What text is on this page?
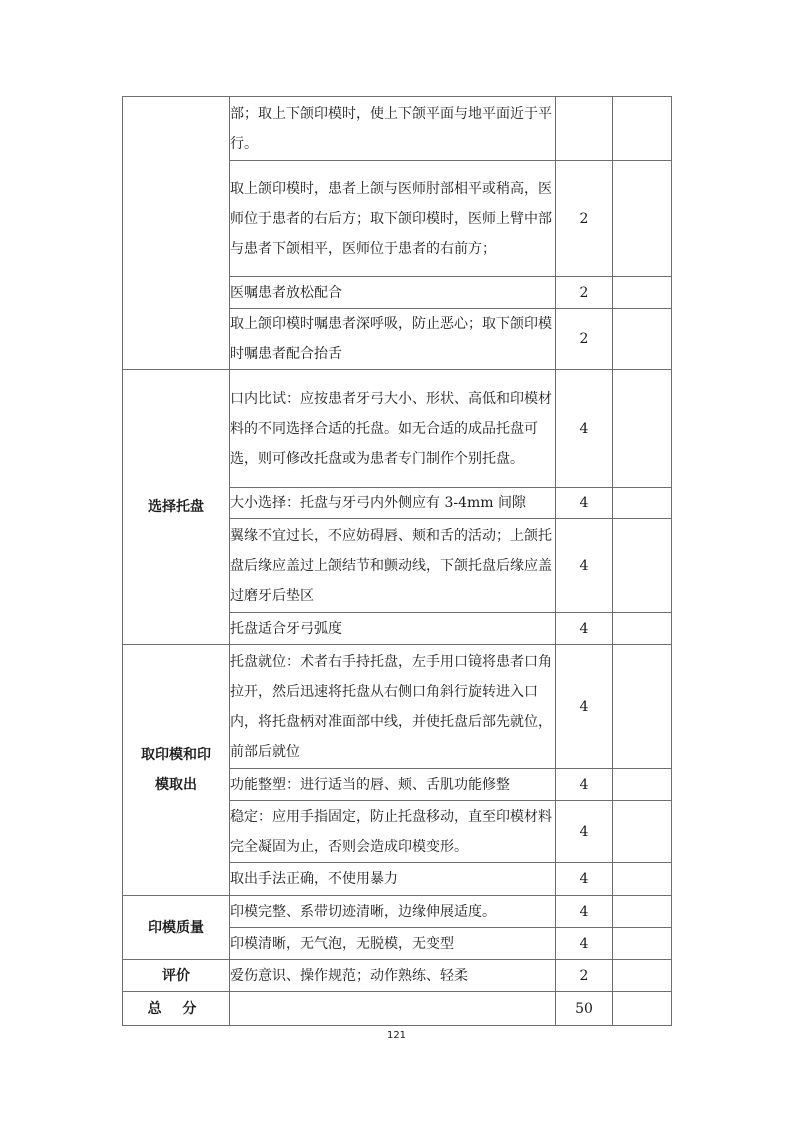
	部；取上下颌印模时，使上下颌平面与地平面近于平行。		
	取上颌印模时，患者上颌与医师肘部相平或稍高，医师位于患者的右后方；取下颌印模时，医师上臂中部与患者下颌相平，医师位于患者的右前方；	2	
	医嘱患者放松配合	2	
	取上颌印模时嘱患者深呼吸，防止恶心；取下颌印模时嘱患者配合抬舌	2	
选择托盘	口内比试：应按患者牙弓大小、形状、高低和印模材料的不同选择合适的托盘。如无合适的成品托盘可选，则可修改托盘或为患者专门制作个别托盘。	4	
	大小选择：托盘与牙弓内外侧应有 3-4mm 间隙	4	
	翼缘不宜过长，不应妨碍唇、颊和舌的活动；上颌托盘后缘应盖过上颌结节和颤动线，下颌托盘后缘应盖过磨牙后垫区	4	
	托盘适合牙弓弧度	4	

取印模和印
模取出	托盘就位：术者右手持托盘，左手用口镜将患者口角拉开，然后迅速将托盘从右侧口角斜行旋转进入口内，将托盘柄对准面部中线，并使托盘后部先就位，前部后就位	4	
	功能整塑：进行适当的唇、颊、舌肌功能修整	4	
	稳定：应用手指固定，防止托盘移动，直至印模材料完全凝固为止，否则会造成印模变形。	4	
	取出手法正确，不使用暴力	4	
印模质量	印模完整、系带切迹清晰，边缘伸展适度。	4	
	印模清晰，无气泡，无脱模，无变型	4	
评价	爱伤意识、操作规范；动作熟练、轻柔	2	
总 分		50	
121
